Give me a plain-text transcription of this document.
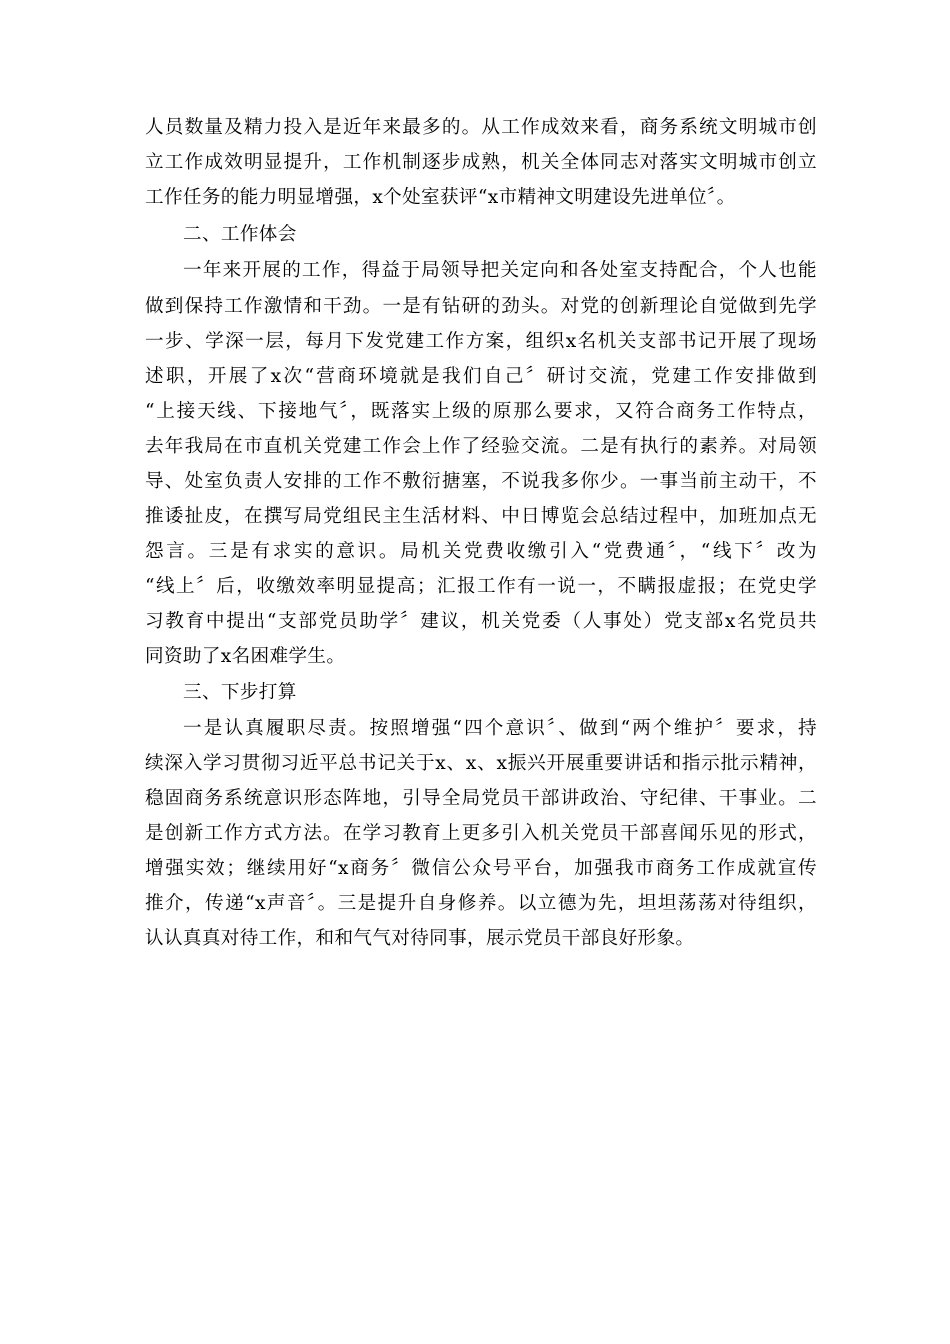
人员数量及精力投入是近年来最多的。从工作成效来看，商务系统文明城市创
立工作成效明显提升，工作机制逐步成熟，机关全体同志对落实文明城市创立
工作任务的能力明显增强，x个处室获评“x市精神文明建设先进单位〞。
二、工作体会
一年来开展的工作，得益于局领导把关定向和各处室支持配合，个人也能
做到保持工作激情和干劲。一是有钻研的劲头。对党的创新理论自觉做到先学
一步、学深一层，每月下发党建工作方案，组织x名机关支部书记开展了现场
述职，开展了x次“营商环境就是我们自己〞研讨交流，党建工作安排做到
“上接天线、下接地气〞，既落实上级的原那么要求，又符合商务工作特点，
去年我局在市直机关党建工作会上作了经验交流。二是有执行的素养。对局领
导、处室负责人安排的工作不敷衍搪塞，不说我多你少。一事当前主动干，不
推诿扯皮，在撰写局党组民主生活材料、中日博览会总结过程中，加班加点无
怨言。三是有求实的意识。局机关党费收缴引入“党费通〞，“线下〞改为
“线上〞后，收缴效率明显提高；汇报工作有一说一，不瞒报虚报；在党史学
习教育中提出“支部党员助学〞建议，机关党委（人事处）党支部x名党员共
同资助了x名困难学生。
三、下步打算
一是认真履职尽责。按照增强“四个意识〞、做到“两个维护〞要求，持
续深入学习贯彻习近平总书记关于x、x、x振兴开展重要讲话和指示批示精神，
稳固商务系统意识形态阵地，引导全局党员干部讲政治、守纪律、干事业。二
是创新工作方式方法。在学习教育上更多引入机关党员干部喜闻乐见的形式，
增强实效；继续用好“x商务〞微信公众号平台，加强我市商务工作成就宣传
推介，传递“x声音〞。三是提升自身修养。以立德为先，坦坦荡荡对待组织，
认认真真对待工作，和和气气对待同事，展示党员干部良好形象。
